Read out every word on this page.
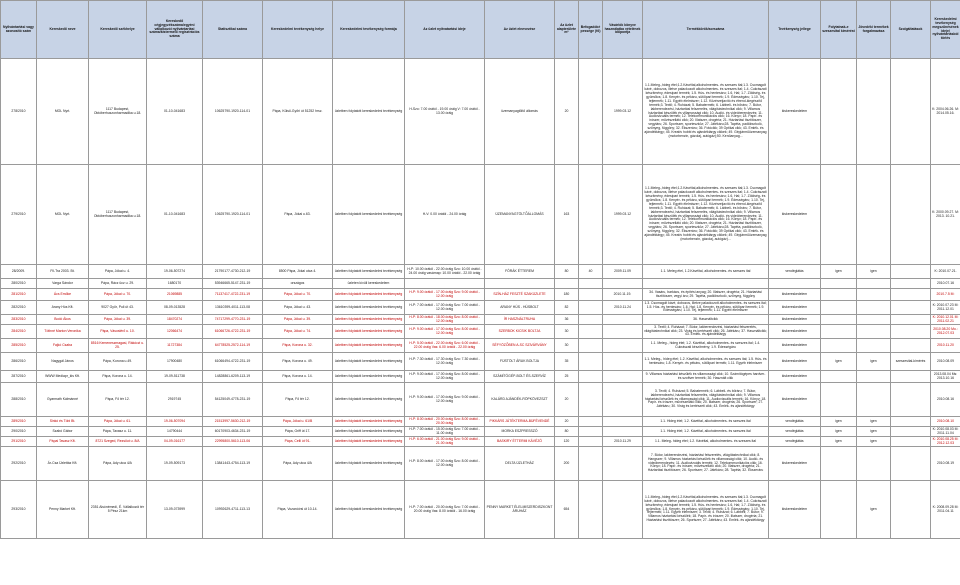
Nyilvántartási vagy azonosító szám	Kereskedő neve	Kereskedő székhelye	Kereskedő cégjegyzékszáma/egyéni vállalkozói nyilvántartási száma/kistermelő regisztrációs száma	Statisztikai száma	Kereskedelmi tevékenység helye	Kereskedelmi tevékenység formája	Az üzlet nyitvatartási ideje	Az üzlet elnevezése	Az üzlet alapterülete m²	Befogadóképessége (fő)	Vásárlók könyve használatba vételének időpontja	Termékkörök/sorszáma	Tevékenység jellege	Folytatnak-e szeszesital kimérést	Jövedéki termékek forgalmazása	Szolgáltatások	Kereskedelmi tevékenység megszűnésének ideje/ nyilvántartásból törlés
278/2010	MOL Nyrt.	1117 Budapest, Októberhuszonharmadika u.18.	01-10-041683	10625790-1920-114-01	Pápa, Külső-Győri út 51252 hrsz.	üzletben folytatott kereskedelmi tevékenység	H-Szo: 7.00 órától - 19.00 óráig V: 7.00 órától - 13.00 óráig	üzemanyagtöltő állomás	20		1999.03.12	1.1.Meleg-,hideg étel;1.2.Kávéital,alkoholmentes- és szeszes ital;1.3. Csomagolt kávé, dobozos, illetve palackozott alkoholmentes- és szeszes ital; 1.4. Cukrászati készítmény, édesipari termék; 1.5. Hús- és hentesáru; 1.6. Hal; 1.7. Zöldség- és gyümölcs; 1.8. Kenyér- és pékáru, sütőipari termék; 1.9. Édességáru; 1.10. Tej, tejtermék; 1.11. Egyéb élelmiszer; 1.12. Közérzetjavító és étrend-kiegészítő termék;3. Textil; 4. Ruházat; 5. Babatermék; 6. Lábbeli- és bőráru; 7. Bútor, lakberendezési, háztartási felszerelés, világítástechnikai cikk; 9. Villamos háztartási készülék és villamossági cikk; 10. Audió- és videóberendezés; 11. Audiovizuális termék; 12. Telekommunikációs cikk; 16. Könyv; 18. Papír- és írószer, művészellátó cikk; 20. Illatszer, drogéria; 21. Háztartási tisztítószer, vegyiáru; 26. Sportszer, sporteszköz; 27. Játékáru;28. Tapéta, padlóburkoló, szőnyeg, függöny; 32. Ékszeráru; 36. Fotócikk; 39 Optikai cikk; 43. Emlék- és ajándéktárgy; 45. Kreatív hobbi és ajándéktárgy cikkek; 49. Gépjárműüzemanyag (motorbenzin, gázolaj, autógáz);50. Kenőanyag...	kiskereskedelem				K: 2004.06.26. M: 2014.05.16.
279/2010	MOL Nyrt.	1117 Budapest, Októberhuszonharmadika u.18.	01-10-041683	10625790-1920-114-01	Pápa, Jókai u.63.	üzletben folytatott kereskedelmi tevékenység	H-V: 0.00 órától - 24.00 óráig	ÜZEMANYAGTÖLTŐÁLLOMÁS	163		1999.03.12	1.1.Meleg-,hideg étel;1.2.Kávéital,alkoholmentes- és szeszes ital;1.3. Csomagolt kávé, dobozos, illetve palackozott alkoholmentes- és szeszes ital; 1.4. Cukrászati készítmény, édesipari termék; 1.5. Hús- és hentesáru; 1.6. Hal; 1.7. Zöldség- és gyümölcs; 1.8. Kenyér- és pékáru, sütőipari termék; 1.9. Édességáru; 1.10. Tej, tejtermék; 1.11. Egyéb élelmiszer; 1.12. Közérzetjavító és étrend-kiegészítő termék;3. Textil; 4. Ruházat; 5. Babatermék; 6. Lábbeli- és bőráru; 7. Bútor, lakberendezési, háztartási felszerelés, világítástechnikai cikk; 9. Villamos háztartási készülék és villamossági cikk; 10. Audió- és videóberendezés; 11. Audiovizuális termék; 12. Telekommunikációs cikk; 16. Könyv; 18. Papír- és írószer, művészellátó cikk; 20. Illatszer, drogéria; 21. Háztartási tisztítószer, vegyiáru; 26. Sportszer, sporteszköz; 27. Játékáru;28. Tapéta, padlóburkoló, szőnyeg, függöny; 32. Ékszeráru; 36. Fotócikk; 39 Optikai cikk; 43. Emlék- és ajándéktárgy; 45. Kreatív hobbi és ajándéktárgy cikkek; 49. Gépjárműüzemanyag (motorbenzin, gázolaj, autógáz)...	kiskereskedelem				K: 2000.09.27. M: 2013. 10.21.
28/2009.	Fil-Tra 2003. Bt.	Pápa, Jókai u. 4.	19-06-507274	21790177-4730-212-19	8500 Pápa, Jókai utca 4.	üzletben folytatott kereskedelmi tevékenység	H-P: 10.00 órától - 22.00 óráig Szo: 10.00 órától - 24.00 óráig vasárnap: 10.00 órától - 22.00 óráig	FÓRÁK ÉTTEREM	80	40	2009.11.09	1.1. Meleg étel, 1.2.Kávéital, alkoholmentes- és szeszes ital	vendéglátás	igen	igen		K: 2010.07.21.
280/2010	Varga Sándor	Pápa, Rácz ücz u. 29.	1680170	53946665-5147-231-19	országos	üzleten kívüli kereskedelem											2010.07.16
281/2010	Ács Emőke	Pápa, Jókai u. 70.	21069885	71137417-4722-231-19	Pápa, Jókai u. 70.	üzletben folytatott kereskedelmi tevékenység	H-P: 9.00 órától - 17.00 óráig Szo: 9.00 órától - 12.00 óráig	SZÍN-HÁZ FESZTÉ SZAKÜZLETE	180		2010.11.19.	34. Vasáru, barkács, és építési anyag; 20. Illatszer, drogéria; 21. Háztartási tisztítószer, vegyi áru; 29. Tapéta, padlóburkoló, szőnyeg, függöny	kiskereskedelem				2010.7.5 M:
282/2010	Arany Hús Kft.	9027 Győr, Puli út 43.	08-09-013528	13610399-4011-113-08	Pápa, Jókai u. 43.	üzletben folytatott kereskedelmi tevékenység	H-P: 7.00 órától - 17.00 óráig Szo: 7.00 órától - 12.00 óráig	ARANY HÚS - HÚSBOLT	82		2010.11.24	1.3. Csomagolt kávé, dobozos, illetve palackozott alkoholmentes- és szeszes ital; 1.5. Hús- és hentesáru; 1.6. Hal; 1.8. Kenyér- és pékáru, sütőipari termék; 1.9. Édességáru; 1.10. Tej, tejtermék; 1.11. Egyéb élelmiszer	kiskereskedelem				K: 2010.07.23 M: 2011.12.01
283/2010	Bodó Ákos	Pápa, Jókai u. 39.	18470274	74717299-4770-231-19	Pápa, Jókai u. 39.	üzletben folytatott kereskedelmi tevékenység	H-P: 8.00 órától - 18.00 óráig Szo: 8.00 órától - 12.00 óráig	ÍR HASZNÁLTRUHA	36			36. Használtcikk	kiskereskedelem				K: 2010.12.01 M: 2011.02.21
284/2010	Tóthné Marton Veronika	Pápa, Vásvalérő u. 10.	12066474	61066726-4722-231-19	Pápa, Jókai u. 74.	üzletben folytatott kereskedelmi tevékenység	H-P: 9.00 órától - 17.00 óráig Szo: 8.00 órától - 12.00 óráig	SZERBOK KICSIK BOLTJA	30			3. Textil; 4. Ruházat; 7. Bútor, lakberendezési, háztartási felszerelés, világítástechnikai cikk; 23. Virág és kertészeti cikk; 26. Játékáru; 37. Használtcikk; 43. Emlék- és ajándéktárgy	kiskereskedelem				2010.08.20 Mo.: 2012.07.03
285/2010	Fajkó Csaba	8516 Kemeneszmagasi, Rákóczi u. 25.	11727384	64778525-2572-114-19	Pápa, Korona u. 32.	üzletben folytatott kereskedelmi tevékenység	H-P: 5.00 órától - 22.00 óráig Szo: 6.00 órától - 22.00 óráig Vas: 6.00 órától - 22.00 óráig	SÉFYÖZŐBEN A-SC SZIVÁRVÁNY	30			1.1. Meleg-, hideg étel; 1.2. Kávéital, alkoholmentes- és szeszes ital; 1.4. Cukrászati készítmény; 1.9. Édességáru	kiskereskedelem				2010.11.20
286/2010	Nagygál János	Pápa, Korona u.49.	17900480	61066494-4722-231-19	Pápa, Korona u. 49.	üzletben folytatott kereskedelmi tevékenység	H-P: 7.30 órától - 17.30 óráig Szo: 7.30 órától - 12.00 óráig	FÜSTÖLT ÁRUK BOLTJA	35			1.1. Meleg-, hideg étel; 1.2. Kávéital, alkoholmentes- és szeszes ital; 1.5. Hús- és hentesáru; 1.8. Kenyér- és pékáru, sütőipari termék; 1.11. Egyéb élelmiszer	kiskereskedelem	igen	igen	szeszesital-kimérés	2010.08.09
287/2010	WWW Mediapr_kis Kft.	Pápa, Korona u. 14.	19-09-511738	14828861-6209-113-19	Pápa, Korona u. 14.	üzletben folytatott kereskedelmi tevékenység	H-P: 9.00 órától - 17.00 óráig Szo: 8.00 órától - 12.00 óráig	SZÁMÍTÓGÉP-BOLT ÉS-SZERVÍZ	25			9. Villamos háztartási készülék és villamossági cikk; 10. Számítógépes hardver- és szoftver termék; 30. Használt cikk	kiskereskedelem				2013.08.04 Ms: 2013.10.16
288/2010	Gyarmath Kálmánné	Pápa, Fő tér 12.	2919745	54125049-4778-231-19	Pápa, Fő tér 12.	üzletben folytatott kereskedelmi tevékenység	H-P: 9.00 órától - 17.00 óráig Szo: 9.00 órától - 12.00 óráig	KALÁRD AJÁNDÉK-RÖPKÖVEZSZT	20			3. Textil; 4. Ruházat; 5. Babatermék; 6. Lábbeli- és bőráru; 7. Bútor, lakberendezési, háztartási felszerelés, világítástechnikai cikk; 9. Villamos háztartási készülék és villamossági cikk; 11. Audiovizuális termék; 16. Könyv; 18. Papír- és írószer, művészellátó cikk; 20. Illatszer, drogéria; 26. Sportszer; 27. Játékáru; 30. Virág és kertészeti cikk; 43. Emlék- és ajándéktárgy	kiskereskedelem				2010.08.16
289/2010	Sinkó és Tóbi Bt.	Pápa, Jókai u. 61.	19-06-507094	21513997-5630-212-19	Pápa, Jókai u. 61/B	üzletben folytatott kereskedelmi tevékenység	H-P: 8.00 órától - 20.00 óráig Szo: 8.00 órától - 20.00 óráig	PIKKÁRS JÁTÉKTERMA-BÜFÉVENDÉ	20			1.1. Hideg étel; 1.2. Kávéital, alkoholmentes- és szeszes ital	vendéglátás	igen	igen		2010.08.10
290/2010	Szabó Gábor	Pápa, Tavasz u. 11.	14790444	60170903-4634-231-19	Pápa, Griff út 17.	üzletben folytatott kereskedelmi tevékenység	H-P: 7.00 órától - 15.00 óráig Szo: 7.00 órától - 11.00 óráig	MORKA ESZPRESSZÓ	80			1.1. Hideg étel; 1.2. Kávéital, alkoholmentes- és szeszes ital	vendéglátás	igen	igen		K: 2010.08.03 M: 2011.11.04
291/2010	Pápai Tavasz Kft.	8721 Szeged, Rezsőut u. 8/A	04-09-016177	22995800-5610-113-06	Pápa, Celli út 91.	üzletben folytatott kereskedelmi tevékenység	H-P: 6.00 órától - 21.00 óráig Szo: 9.00 órától - 21.00 óráig	BASKIRY ÉTTERMI KÁVÉZÓ	120		2010.11.29	1.1. Meleg- hideg étel; 1.2. Kávéital, alkoholmentes- és szeszes ital	vendéglátás	igen	igen		K: 2010.08.25 M: 2012.12.03
292/2010	Ár-Csa Üzlettáz Kft.	Pápa, Ady utca 4/A	19-09-509173	13841443-4754-113-19	Pápa, Ady utca 4/A	üzletben folytatott kereskedelmi tevékenység	H-P: 8.00 órától - 17.00 óráig Szo: 8.00 órától - 12.00 óráig	DELTA ÜZLETHÁZ	200			7. Bútor, lakberendezési, háztartási felszerelés, világítástechnikai cikk; 8. Hangszer; 9. Villamos háztartási készülék és villamossági cikk; 10. Audió- és videóberendezés; 11. Audiovizuális termék; 12. Telekommunikációs cikk; 16. Könyv; 18. Papír- és írószer, művészellátó cikk; 20. Illatszer, drogéria; 21. Háztartási tisztítószer; 26. Sportszer; 27. Játékáru; 28. Tapéta; 32. Ékszeráru	kiskereskedelem				2010.08.19
293/2010	Penny Market Kft.	2351 Alsónémedi, É. Vállalkozói tér 5 Pész 21km	13-09-073999	10992629-4711-113-13	Pápa, Vozanóírsi út 10-14.	üzletben folytatott kereskedelmi tevékenység	H-P: 7.00 órától - 20.00 óráig Szo: 7.00 órától - 20.00 óráig Vas: 8.00 órától - 16.00 óráig	PENNY MARKET ÉLELMISZERDISZKONT ÁRUHÁZ	654			1.1.Meleg-,hideg étel;1.2.Kávéital,alkoholmentes- és szeszes ital;1.3. Csomagolt kávé, dobozos, illetve palackozott alkoholmentes- és szeszes ital; 1.4. Cukrászati készítmény, édesipari termék; 1.5. Hús- és hentesáru; 1.6. Hal; 1.7. Zöldség- és gyümölcs; 1.8. Kenyér- és pékáru, sütőipari termék; 1.9. Édességáru; 1.10. Tej, tejtermék; 1.11. Egyéb élelmiszer; 3. Textil; 4. Ruházat; 6. Lábbeli; 7. Bútor; 9. Villamos háztartási készülék; 18. Papír- és írószer; 20. Illatszer, drogéria; 21. Háztartási tisztítószer; 26. Sportszer; 27. Játékáru; 43. Emlék- és ajándéktárgy	kiskereskedelem		igen		K: 2008.09.28 M: 2011.04.11
